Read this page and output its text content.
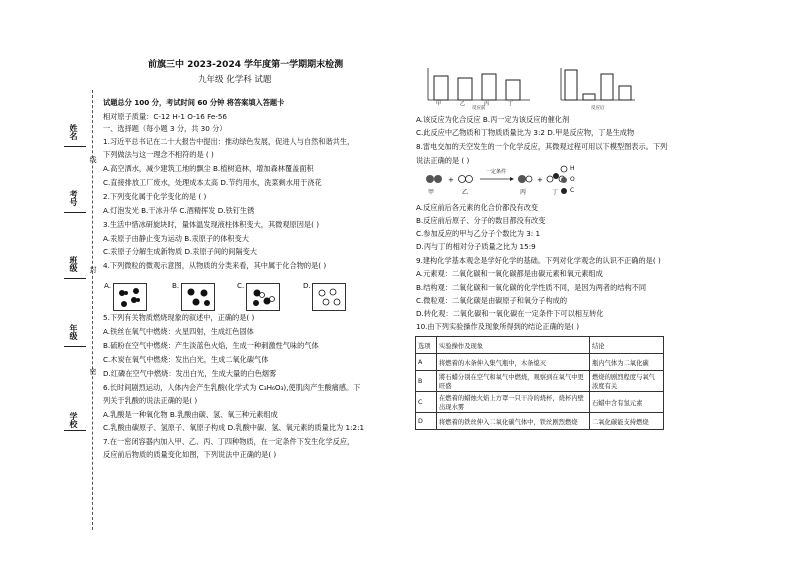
姓名
线
考号
班级 封
年级
密
学校
前旗三中 2023-2024 学年度第一学期期末检测
九年级 化学科 试题
试题总分 100 分，考试时间 60 分钟 将答案填入答题卡
相对原子质量：C-12 H-1 O-16 Fe-56
一、选择题（每小题 3 分，共 30 分）
1.习近平总书记在二十大报告中提出：推动绿色发展，促进人与自然和谐共生，
下列做法与这一理念不相符的是 ( )
A.高空洒水，减少建筑工地的飘尘 B.植树造林，增加森林覆盖面积
C.直接排放工厂废水，处理成本太高 D.节约用水，洗菜剩水用于浇花
2.下列变化属于化学变化的是 ( )
A.灯泡发光 B.干冰升华 C.酒精挥发 D.铁钉生锈
3.生活中惜冰研旋块时，量体温发现液柱体积变大，其微观原因是( )
A.汞原子由静止变为运动 B.汞原子的体积变大
C.汞原子分解生成新物质 D.汞原子间的间隔变大
4.下列微粒的微观示意图，从物质的分类来看，其中属于化合物的是( )
A.	B.	C.	D.
5.下列有关物质燃烧现象的叙述中，正确的是( )
A.铁丝在氧气中燃烧：火星四射，生成红色固体
B.硫粉在空气中燃烧：产生淡蓝色火焰，生成一种刺激性气味的气体
C.木炭在氧气中燃烧：发出白光，生成二氧化碳气体
D.红磷在空气中燃烧：发出白光，生成大量的白色烟雾
6.长时间剧烈运动，人体内会产生乳酸(化学式为 C₃H₆O₃),使肌肉产生酸痛感。下
列关于乳酸的说法正确的是( )
A.乳酸是一种氧化物 B.乳酸由碳、氢、氧三种元素组成
C.乳酸由碳原子、氢原子、氧原子构成 D.乳酸中碳、氢、氧元素的质量比为 1:2:1
7.在一密闭容器内加入甲、乙、丙、丁四种物质，在一定条件下发生化学反应，
反应前后物质的质量变化如图，下列说法中正确的是( )
甲	乙	丙	丁
反应前	反应后
A.该反应为化合反应 B.丙一定为该反应的催化剂
C.此反应中乙物质和丁物质质量比为 3:2 D.甲是反应物，丁是生成物
8.雷电交加的天空发生的一个化学反应，其微观过程可用以下模型图表示。下列
说法正确的是 ( )
+	+
一定条件
甲	乙	丙	丁
H
O
C
A.反应前后各元素的化合价都没有改变
B.反应前后原子、分子的数目都没有改变
C.参加反应的甲与乙分子个数比为 3: 1
D.丙与丁的相对分子质量之比为 15:9
9.建构化学基本观念是学好化学的基础。下列对化学观念的认识不正确的是( )
A.元素观：二氧化碳和一氧化碳都是由碳元素和氧元素组成
B.结构观：二氧化碳和一氧化碳的化学性质不同，是因为两者的结构不同
C.微粒观：二氧化碳是由碳原子和氧分子构成的
D.转化观：二氧化碳和一氧化碳在一定条件下可以相互转化
10.由下列实验操作及现象所得到的结论正确的是( )
选项	实验操作及现象	结论
A	将燃着的木条伸入集气瓶中，木条熄灭	瓶内气体为二氧化碳
B	將石蜡分别在空气和氧气中燃烧，观察到在氧气中更旺盛	燃烧的剧烈程度与氧气浓度有关
C	在燃着的蜡烛火焰上方罩一只干冷的烧杯，烧杯内壁出现水雾	石蜡中含有氢元素
D	将燃着的铁丝伸入二氧化碳气体中，铁丝剧烈燃烧	二氧化碳能支持燃烧
